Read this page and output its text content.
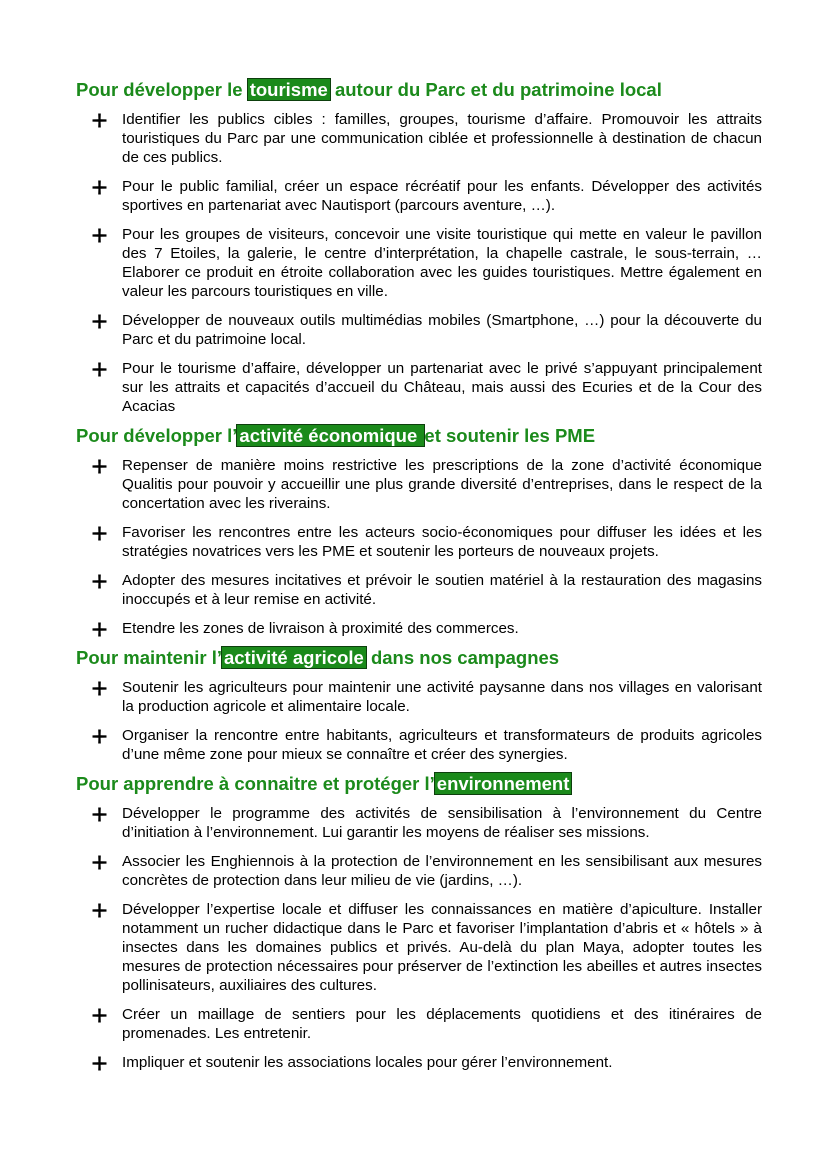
Pour développer le tourisme autour du Parc et du patrimoine local
Identifier les publics cibles : familles, groupes, tourisme d’affaire. Promouvoir les attraits touristiques du Parc par une communication ciblée et professionnelle à destination de chacun de ces publics.
Pour le public familial, créer un espace récréatif pour les enfants. Développer des activités sportives en partenariat avec Nautisport (parcours aventure, …).
Pour les groupes de visiteurs, concevoir une visite touristique qui mette en valeur le pavillon des 7 Etoiles, la galerie, le centre d’interprétation, la chapelle castrale, le sous-terrain, … Elaborer ce produit en étroite collaboration avec les guides touristiques. Mettre également en valeur les parcours touristiques en ville.
Développer de nouveaux outils multimédias mobiles (Smartphone, …) pour la découverte du Parc et du patrimoine local.
Pour le tourisme d’affaire, développer un partenariat avec le privé s’appuyant principalement sur les attraits et capacités d’accueil du Château, mais aussi des Ecuries et de la Cour des Acacias
Pour développer l’ activité économique et soutenir les PME
Repenser de manière moins restrictive les prescriptions de la zone d’activité économique Qualitis pour pouvoir y accueillir une plus grande diversité d’entreprises, dans le respect de la concertation avec les riverains.
Favoriser les rencontres entre les acteurs socio-économiques pour diffuser les idées et les stratégies novatrices vers les PME et soutenir les porteurs de nouveaux projets.
Adopter des mesures incitatives et prévoir le soutien matériel à la restauration des magasins inoccupés et à leur remise en activité.
Etendre les zones de livraison à proximité des commerces.
Pour maintenir l’ activité agricole dans nos campagnes
Soutenir les agriculteurs pour maintenir une activité paysanne dans nos villages en valorisant la production agricole et alimentaire locale.
Organiser la rencontre entre habitants, agriculteurs et transformateurs de produits agricoles d’une même zone pour mieux se connaître et créer des synergies.
Pour apprendre à connaitre et protéger l’ environnement
Développer le programme des activités de sensibilisation à l’environnement du Centre d’initiation à l’environnement. Lui garantir les moyens de réaliser ses missions.
Associer les Enghiennois à la protection de l’environnement en les sensibilisant aux mesures concrètes de protection dans leur milieu de vie (jardins, …).
Développer l’expertise locale et diffuser les connaissances en matière d’apiculture. Installer notamment un rucher didactique dans le Parc et favoriser l’implantation d’abris et « hôtels » à insectes dans les domaines publics et privés. Au-delà du plan Maya, adopter toutes les mesures de protection nécessaires pour préserver de l’extinction les abeilles et autres insectes pollinisateurs, auxiliaires des cultures.
Créer un maillage de sentiers pour les déplacements quotidiens et des itinéraires de promenades. Les entretenir.
Impliquer et soutenir les associations locales pour gérer l’environnement.
